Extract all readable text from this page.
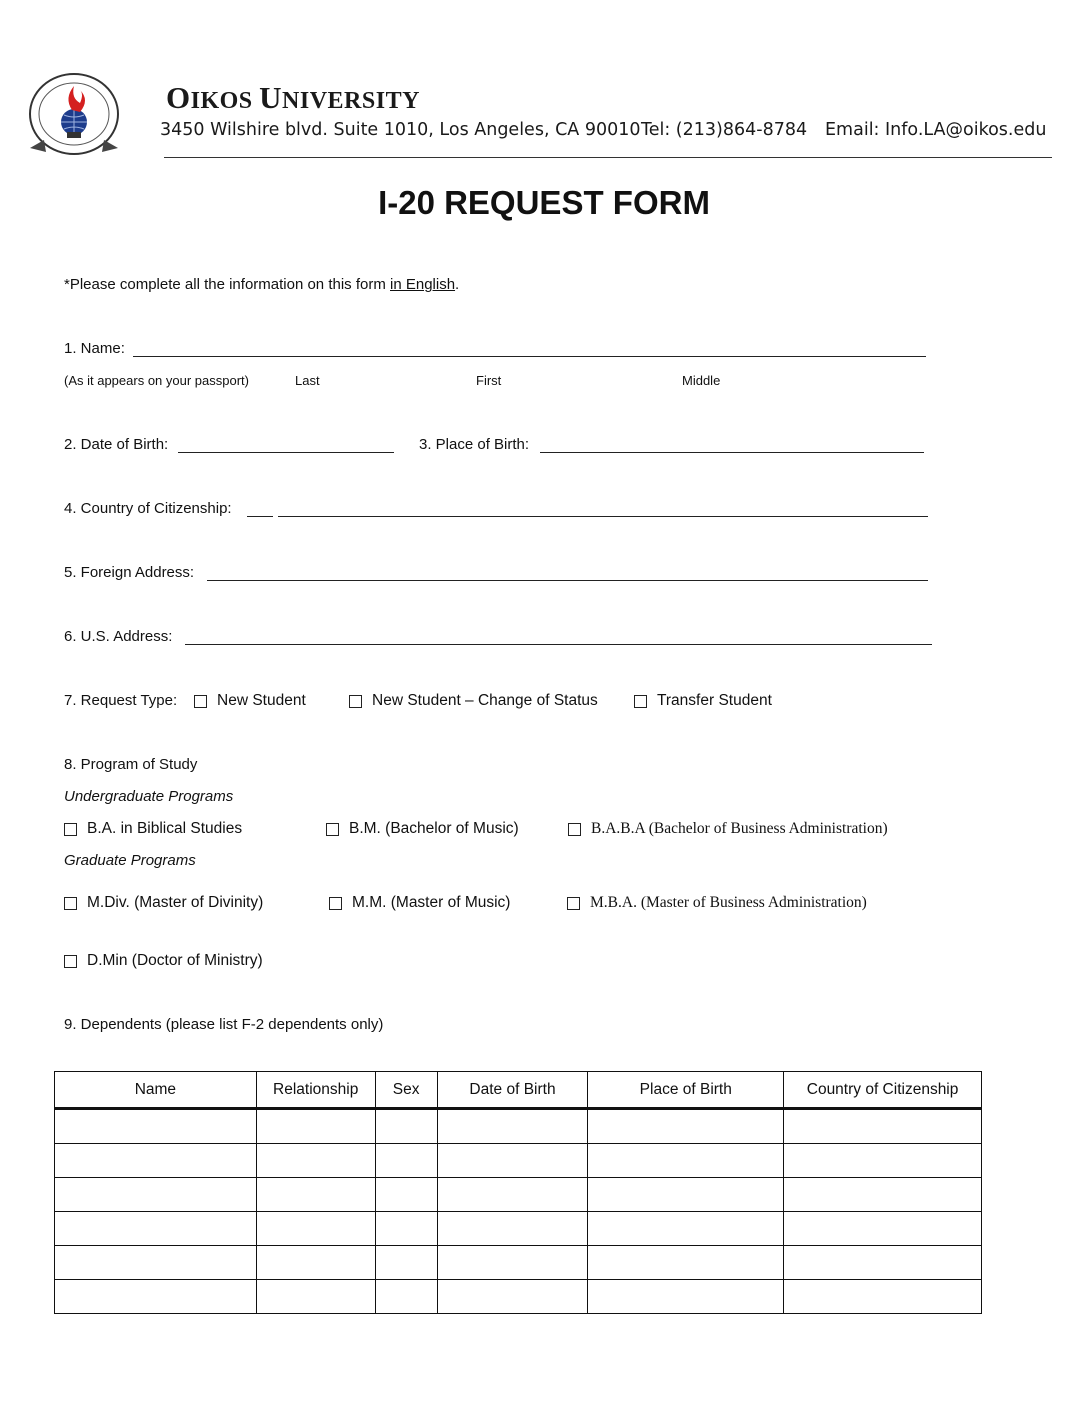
OIKOS UNIVERSITY
3450 Wilshire blvd. Suite 1010, Los Angeles, CA 90010 Tel: (213)864-8784 Email: Info.LA@oikos.edu
I-20 REQUEST FORM
*Please complete all the information on this form in English.
1. Name:
(As it appears on your passport)	Last	First	Middle
2. Date of Birth:	3. Place of Birth:
4. Country of Citizenship:
5. Foreign Address:
6. U.S. Address:
7. Request Type:	New Student	New Student – Change of Status	Transfer Student
8. Program of Study
Undergraduate Programs
B.A. in Biblical Studies	B.M. (Bachelor of Music)	B.A.B.A (Bachelor of Business Administration)
Graduate Programs
M.Div. (Master of Divinity)	M.M. (Master of Music)	M.B.A. (Master of Business Administration)
D.Min (Doctor of Ministry)
9. Dependents (please list F-2 dependents only)
Name	Relationship	Sex	Date of Birth	Place of Birth	Country of Citizenship
